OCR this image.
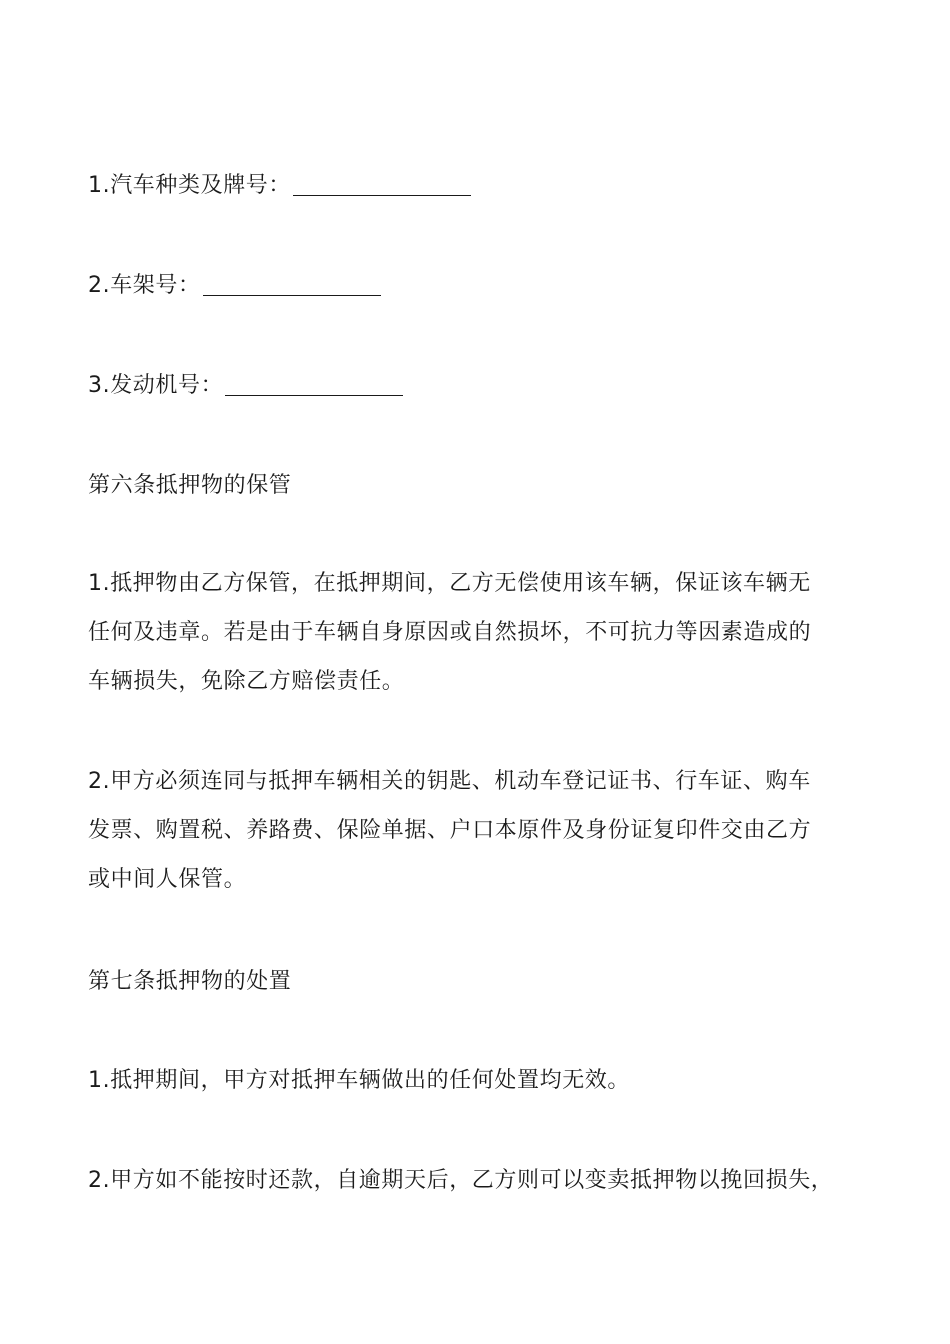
1.汽车种类及牌号：
2.车架号：
3.发动机号：
第六条抵押物的保管
1.抵押物由乙方保管，在抵押期间，乙方无偿使用该车辆，保证该车辆无
任何及违章。若是由于车辆自身原因或自然损坏，不可抗力等因素造成的
车辆损失，免除乙方赔偿责任。
2.甲方必须连同与抵押车辆相关的钥匙、机动车登记证书、行车证、购车
发票、购置税、养路费、保险单据、户口本原件及身份证复印件交由乙方
或中间人保管。
第七条抵押物的处置
1.抵押期间，甲方对抵押车辆做出的任何处置均无效。
2.甲方如不能按时还款，自逾期天后，乙方则可以变卖抵押物以挽回损失，
